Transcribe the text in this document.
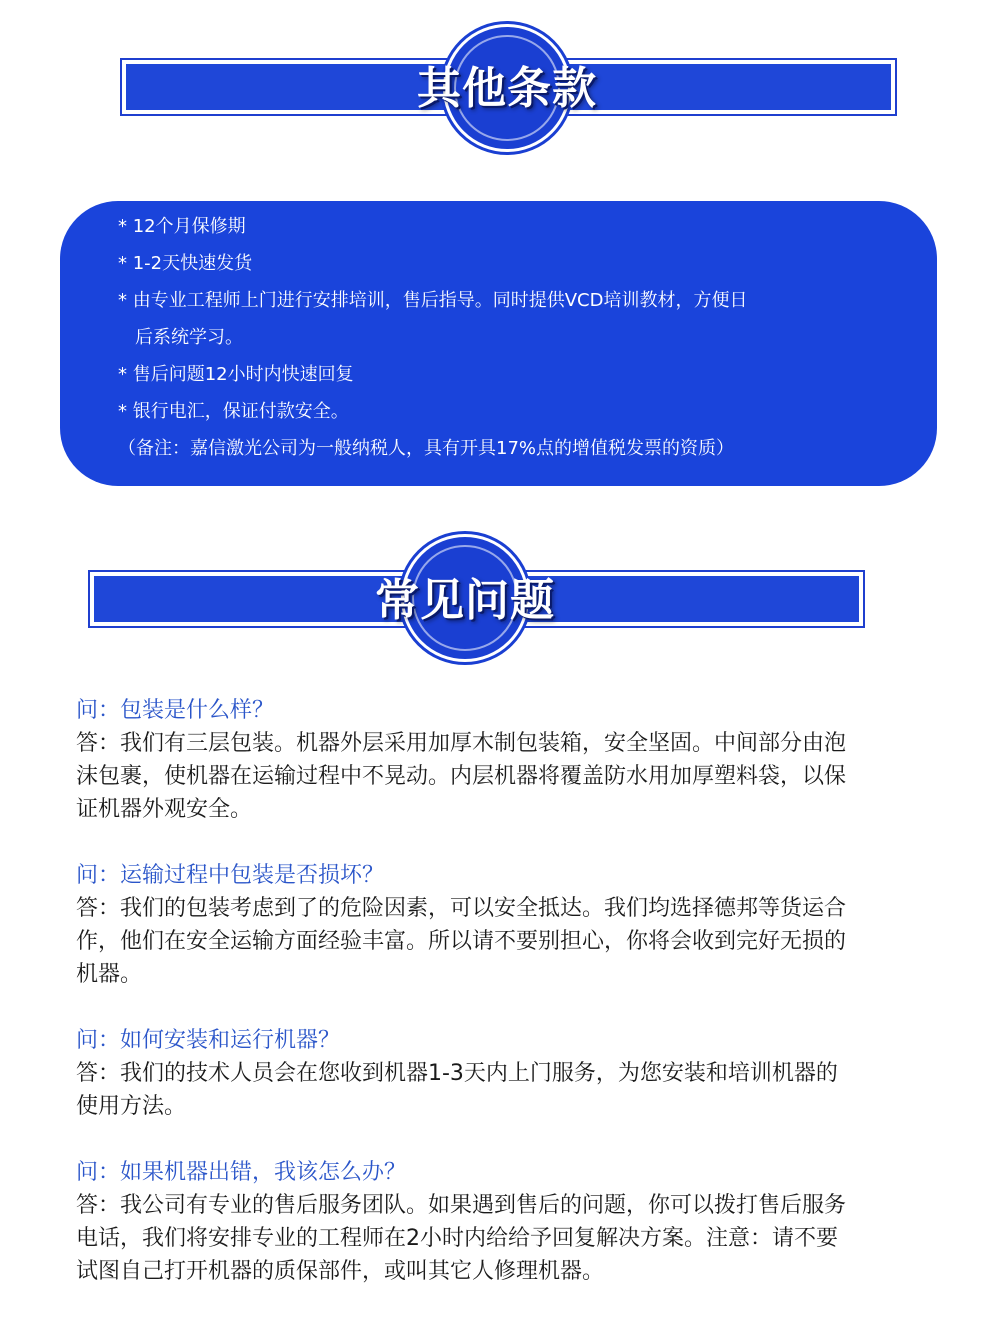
其他条款
* 12个月保修期
* 1-2天快速发货
* 由专业工程师上门进行安排培训，售后指导。同时提供VCD培训教材，方便日
后系统学习。
* 售后问题12小时内快速回复
* 银行电汇，保证付款安全。
（备注：嘉信激光公司为一般纳税人，具有开具17%点的增值税发票的资质）
常见问题
问：包装是什么样？
答：我们有三层包装。机器外层采用加厚木制包装箱，安全坚固。中间部分由泡
沫包裹，使机器在运输过程中不晃动。内层机器将覆盖防水用加厚塑料袋，以保
证机器外观安全。
问：运输过程中包装是否损坏？
答：我们的包装考虑到了的危险因素，可以安全抵达。我们均选择德邦等货运合
作，他们在安全运输方面经验丰富。所以请不要别担心，你将会收到完好无损的
机器。
问：如何安装和运行机器？
答：我们的技术人员会在您收到机器1-3天内上门服务，为您安装和培训机器的
使用方法。
问：如果机器出错，我该怎么办？
答：我公司有专业的售后服务团队。如果遇到售后的问题，你可以拨打售后服务
电话，我们将安排专业的工程师在2小时内给给予回复解决方案。注意：请不要
试图自己打开机器的质保部件，或叫其它人修理机器。
